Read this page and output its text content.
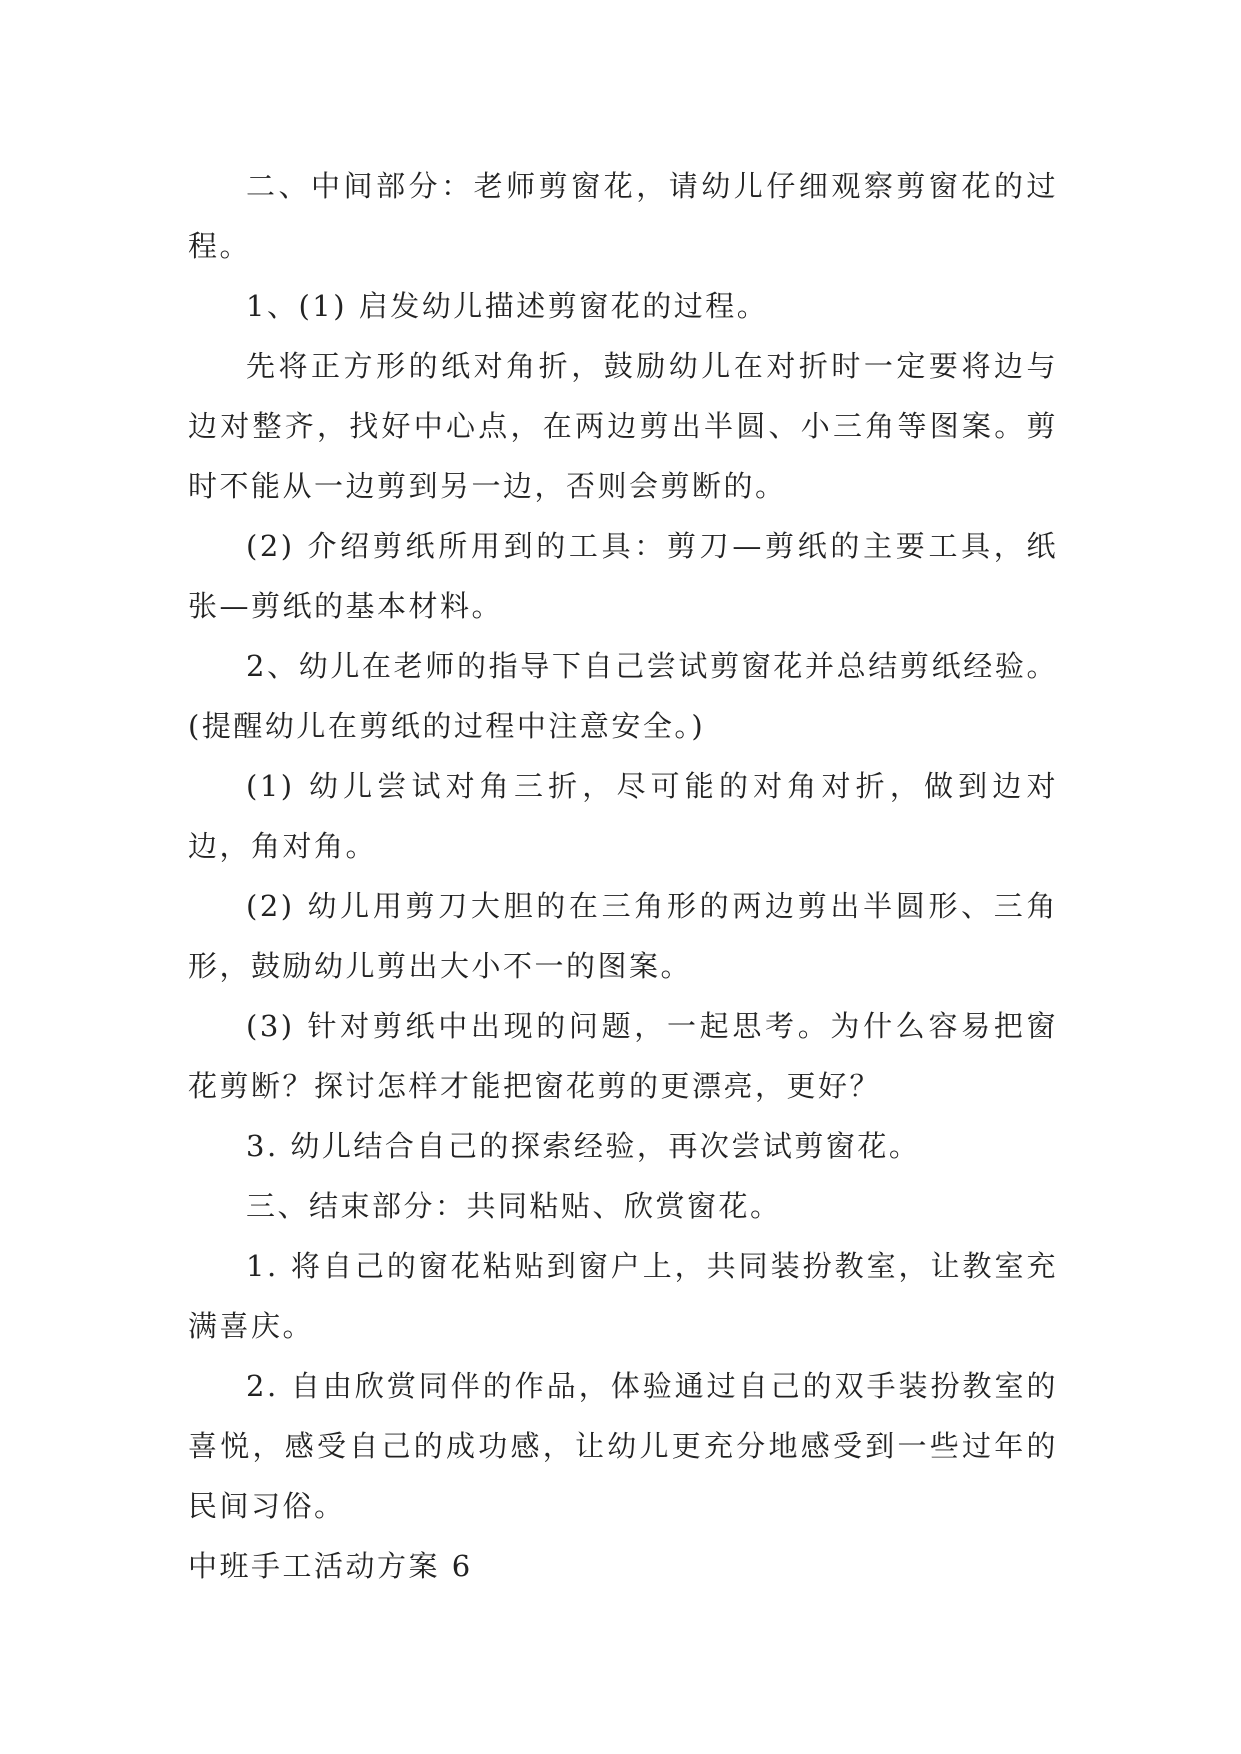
二、中间部分：老师剪窗花，请幼儿仔细观察剪窗花的过程。

1、(1) 启发幼儿描述剪窗花的过程。

先将正方形的纸对角折，鼓励幼儿在对折时一定要将边与边对整齐，找好中心点，在两边剪出半圆、小三角等图案。剪时不能从一边剪到另一边，否则会剪断的。

(2) 介绍剪纸所用到的工具：剪刀—剪纸的主要工具，纸张—剪纸的基本材料。

2、幼儿在老师的指导下自己尝试剪窗花并总结剪纸经验。(提醒幼儿在剪纸的过程中注意安全。)

(1) 幼儿尝试对角三折，尽可能的对角对折，做到边对边，角对角。

(2) 幼儿用剪刀大胆的在三角形的两边剪出半圆形、三角形，鼓励幼儿剪出大小不一的图案。

(3) 针对剪纸中出现的问题，一起思考。为什么容易把窗花剪断？探讨怎样才能把窗花剪的更漂亮，更好？

3. 幼儿结合自己的探索经验，再次尝试剪窗花。

三、结束部分：共同粘贴、欣赏窗花。

1. 将自己的窗花粘贴到窗户上，共同装扮教室，让教室充满喜庆。

2. 自由欣赏同伴的作品，体验通过自己的双手装扮教室的喜悦，感受自己的成功感，让幼儿更充分地感受到一些过年的民间习俗。

中班手工活动方案 6
